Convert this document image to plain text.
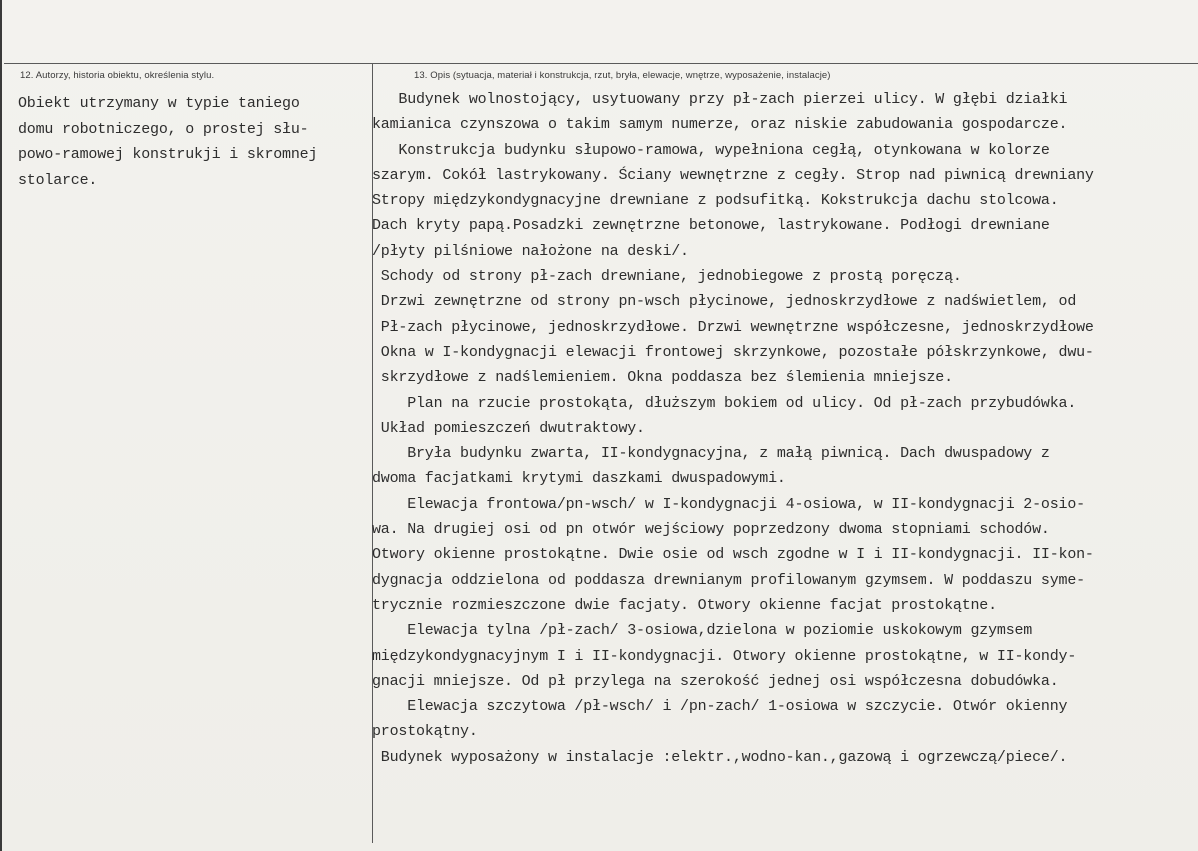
12. Autorzy, historia obiektu, określenia stylu.	13. Opis (sytuacja, materiał i konstrukcja, rzut, bryła, elewacje, wnętrze, wyposażenie, instalacje)
Obiekt utrzymany w typie taniego
domu robotniczego, o prostej słu-
powo-ramowej konstrukji i skromnej
stolarce.
Budynek wolnostojący, usytuowany przy pł-zach pierzei ulicy. W głębi działki
kamianica czynszowa o takim samym numerze, oraz niskie zabudowania gospodarcze.
Konstrukcja budynku słupowo-ramowa, wypełniona cegłą, otynkowana w kolorze
szarym. Cokół lastrykowany. Ściany wewnętrzne z cegły. Strop nad piwnicą drewniany
Stropy międzykondygnacyjne drewniane z podsufitką. Kokstrukcja dachu stolcowa.
Dach kryty papą.Posadzki zewnętrzne betonowe, lastrykowane. Podłogi drewniane
/płyty pilśniowe nałożone na deski/.
Schody od strony pł-zach drewniane, jednobiegowe z prostą poręczą.
Drzwi zewnętrzne od strony pn-wsch płycinowe, jednoskrzydłowe z nadświetlem, od
Pł-zach płycinowe, jednoskrzydłowe. Drzwi wewnętrzne współczesne, jednoskrzydłowe
Okna w I-kondygnacji elewacji frontowej skrzynkowe, pozostałe półskrzynkowe, dwu-
skrzydłowe z nadślemieniem. Okna poddasza bez ślemienia mniejsze.
Plan na rzucie prostokąta, dłuższym bokiem od ulicy. Od pł-zach przybudówka.
Układ pomieszczeń dwutraktowy.
Bryła budynku zwarta, II-kondygnacyjna, z małą piwnicą. Dach dwuspadowy z
dwoma facjatkami krytymi daszkami dwuspadowymi.
Elewacja frontowa/pn-wsch/ w I-kondygnacji 4-osiowa, w II-kondygnacji 2-osio-
wa. Na drugiej osi od pn otwór wejściowy poprzedzony dwoma stopniami schodów.
Otwory okienne prostokątne. Dwie osie od wsch zgodne w I i II-kondygnacji. II-kon-
dygnacja oddzielona od poddasza drewnianym profilowanym gzymsem. W poddaszu syme-
trycznie rozmieszczone dwie facjaty. Otwory okienne facjat prostokątne.
Elewacja tylna /pł-zach/ 3-osiowa,dzielona w poziomie uskokowym gzymsem
międzykondygnacyjnym I i II-kondygnacji. Otwory okienne prostokątne, w II-kondy-
gnacji mniejsze. Od pł przylega na szerokość jednej osi współczesna dobudówka.
Elewacja szczytowa /pł-wsch/ i /pn-zach/ 1-osiowa w szczycie. Otwór okienny
prostokątny.
Budynek wyposażony w instalacje :elektr.,wodno-kan.,gazową i ogrzewczą/piece/.
